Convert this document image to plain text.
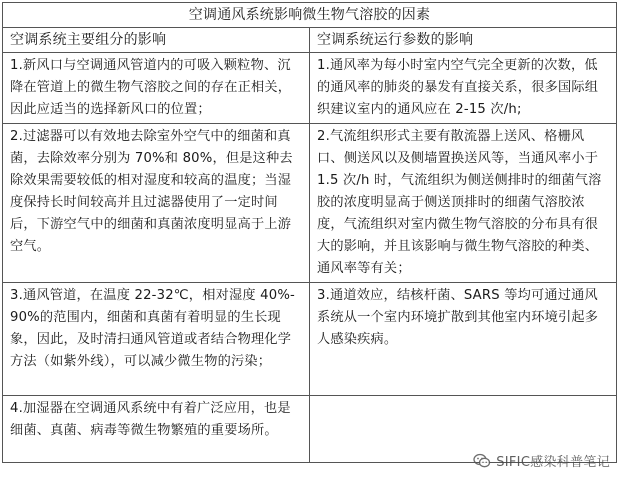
空调通风系统影响微生物气溶胶的因素	
空调系统主要组分的影响	空调系统运行参数的影响
1.新风口与空调通风管道内的可吸入颗粒物、沉降在管道上的微生物气溶胶之间的存在正相关，因此应适当的选择新风口的位置；	1.通风率为每小时室内空气完全更新的次数，低的通风率的肺炎的暴发有直接关系，很多国际组织建议室内的通风应在 2-15 次/h;
2.过滤器可以有效地去除室外空气中的细菌和真菌，去除效率分别为 70%和 80%，但是这种去除效果需要较低的相对湿度和较高的温度；当湿度保持长时间较高并且过滤器使用了一定时间后，下游空气中的细菌和真菌浓度明显高于上游空气。	2.气流组织形式主要有散流器上送风、格栅风口、侧送风以及侧墙置换送风等，当通风率小于 1.5 次/h 时，气流组织为侧送侧排时的细菌气溶胶的浓度明显高于侧送顶排时的细菌气溶胶浓度，气流组织对室内微生物气溶胶的分布具有很大的影响，并且该影响与微生物气溶胶的种类、通风率等有关；
3.通风管道，在温度 22-32℃，相对湿度 40%-90%的范围内，细菌和真菌有着明显的生长现象，因此，及时清扫通风管道或者结合物理化学方法（如紫外线），可以减少微生物的污染；	3.通道效应，结核杆菌、SARS 等均可通过通风系统从一个室内环境扩散到其他室内环境引起多人感染疾病。
4.加湿器在空调通风系统中有着广泛应用，也是细菌、真菌、病毒等微生物繁殖的重要场所。	
SIFIC感染科普笔记
